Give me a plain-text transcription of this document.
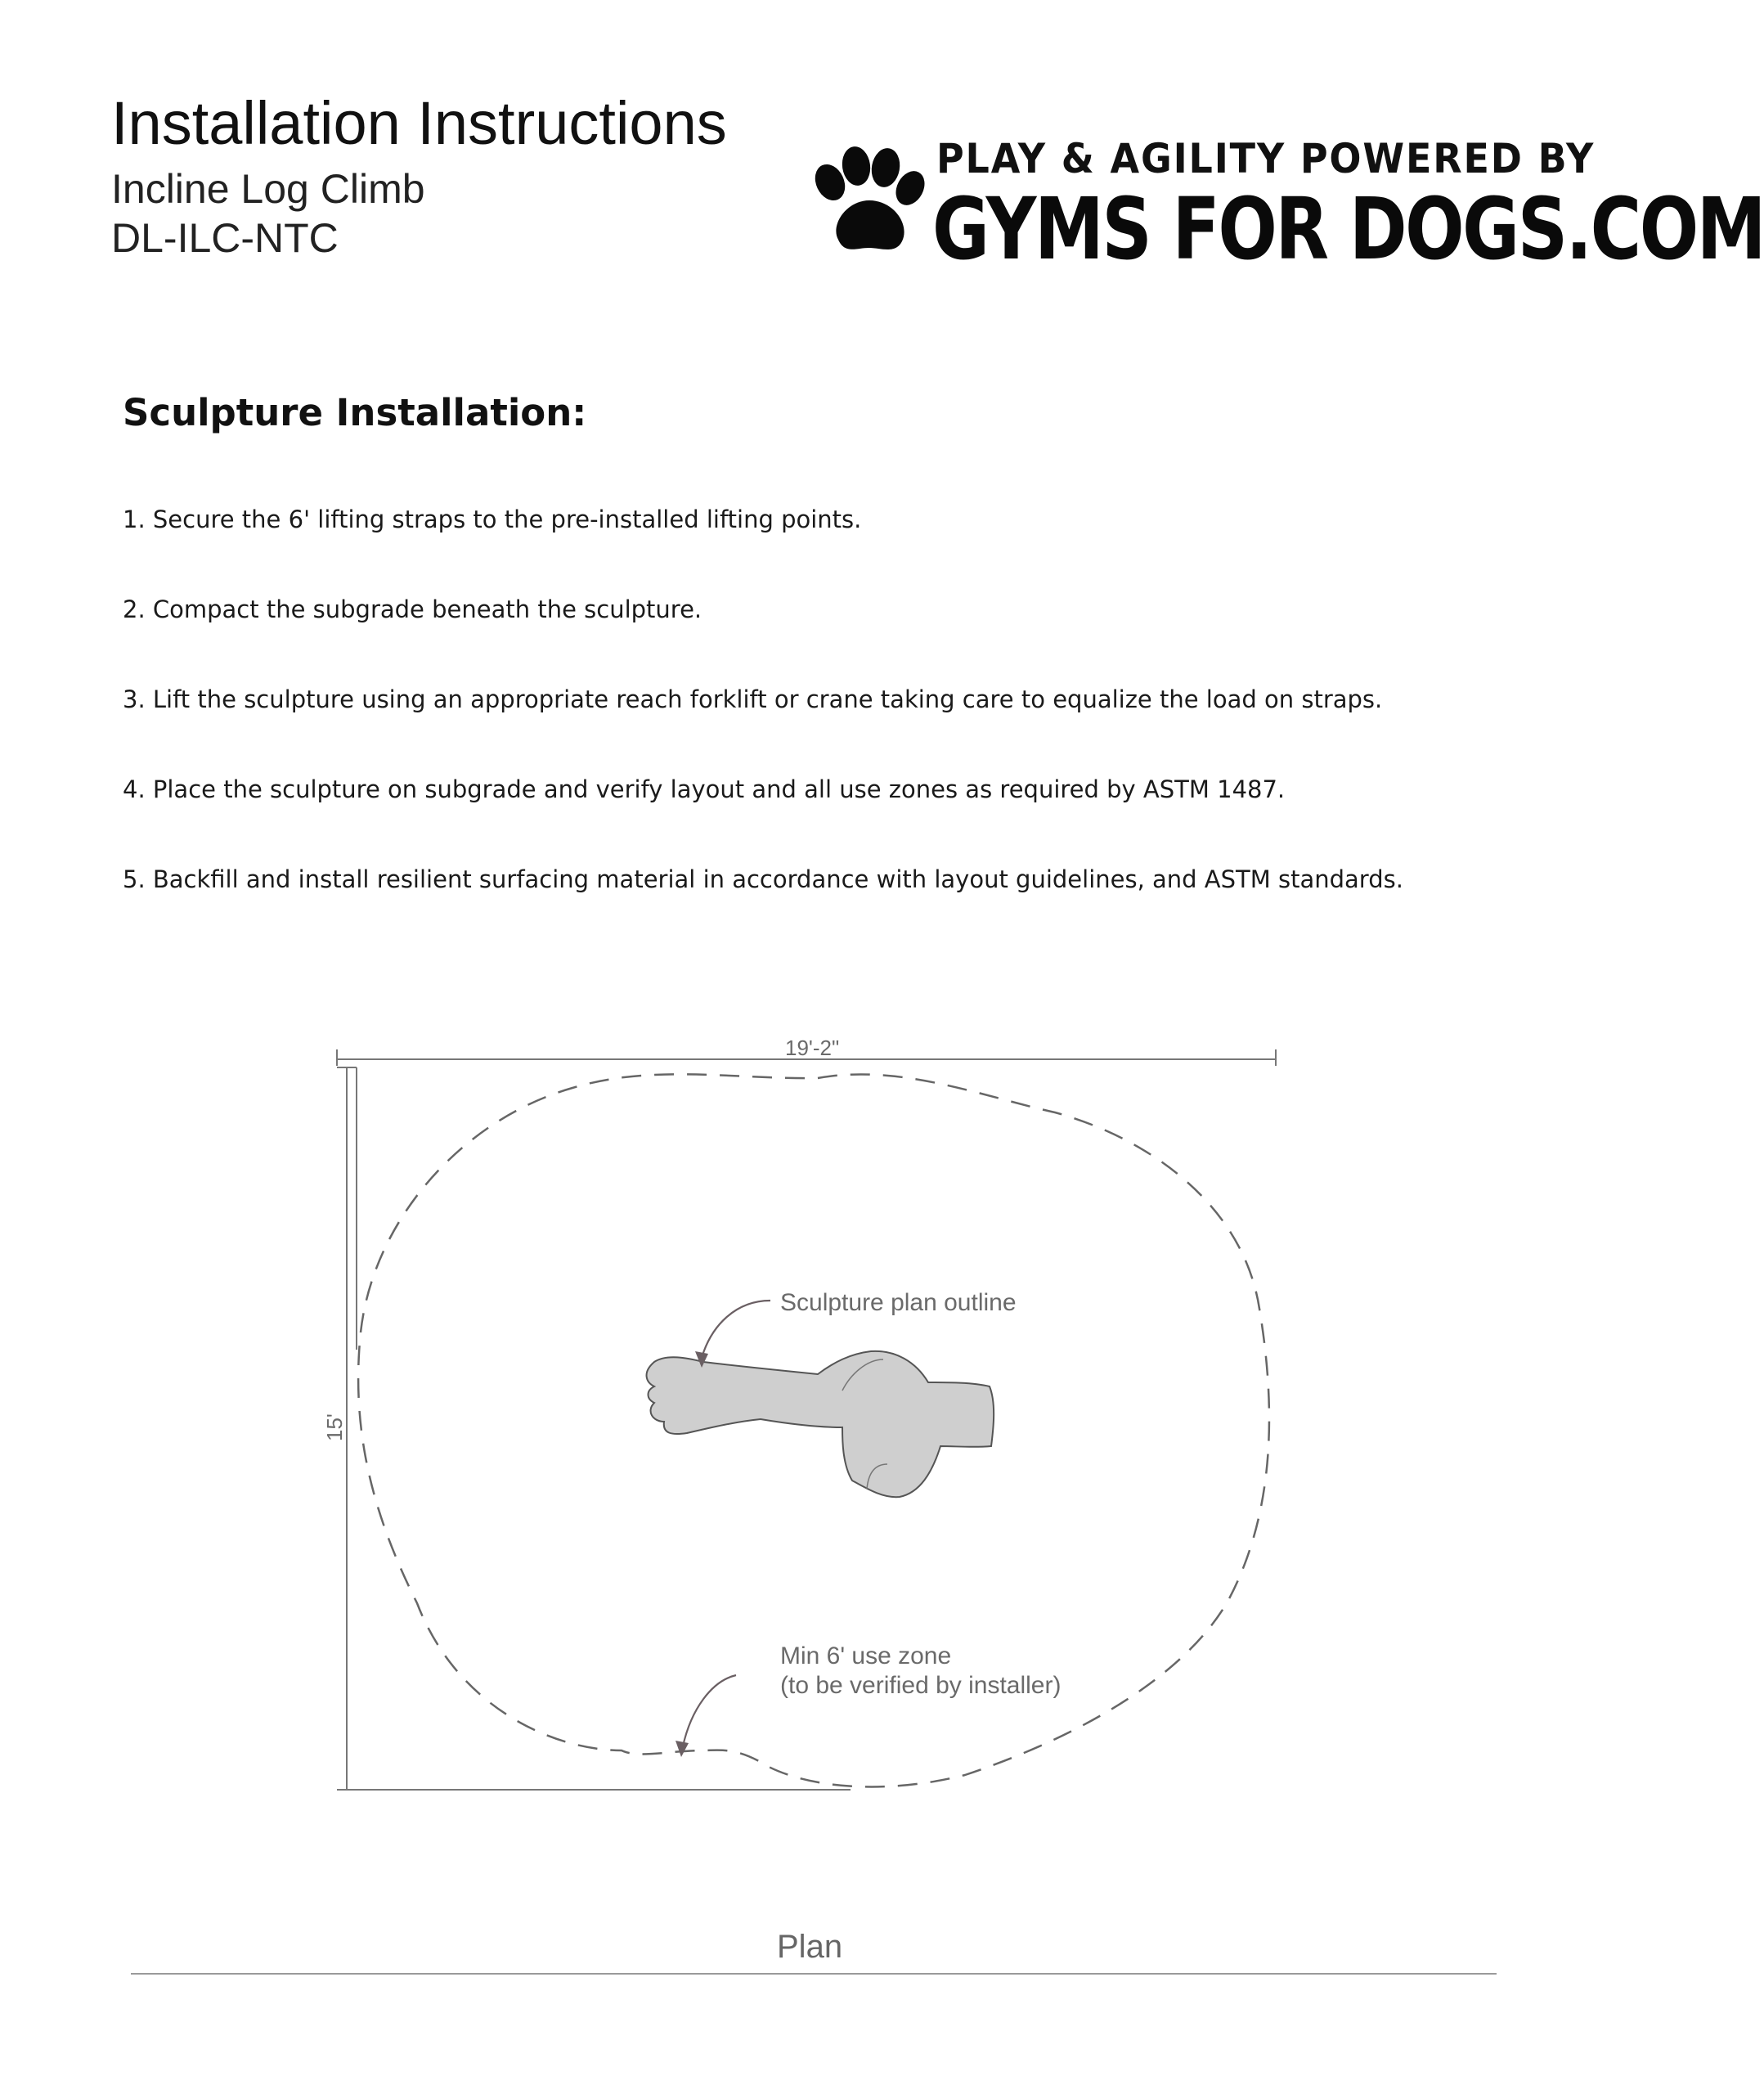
Installation Instructions
Incline Log Climb
DL-ILC-NTC
PLAY & AGILITY POWERED BY
GYMS FOR DOGS.COM
Sculpture Installation:
1. Secure the 6' lifting straps to the pre-installed lifting points.
2. Compact the subgrade beneath the sculpture.
3. Lift the sculpture using an appropriate reach forklift or crane taking care to equalize the load on straps.
4. Place the sculpture on subgrade and verify layout and all use zones as required by ASTM 1487.
5. Backfill and install resilient surfacing material in accordance with layout guidelines, and ASTM standards.
19'-2"
15'
Sculpture plan outline
Min 6' use zone
(to be verified by installer)
Plan
